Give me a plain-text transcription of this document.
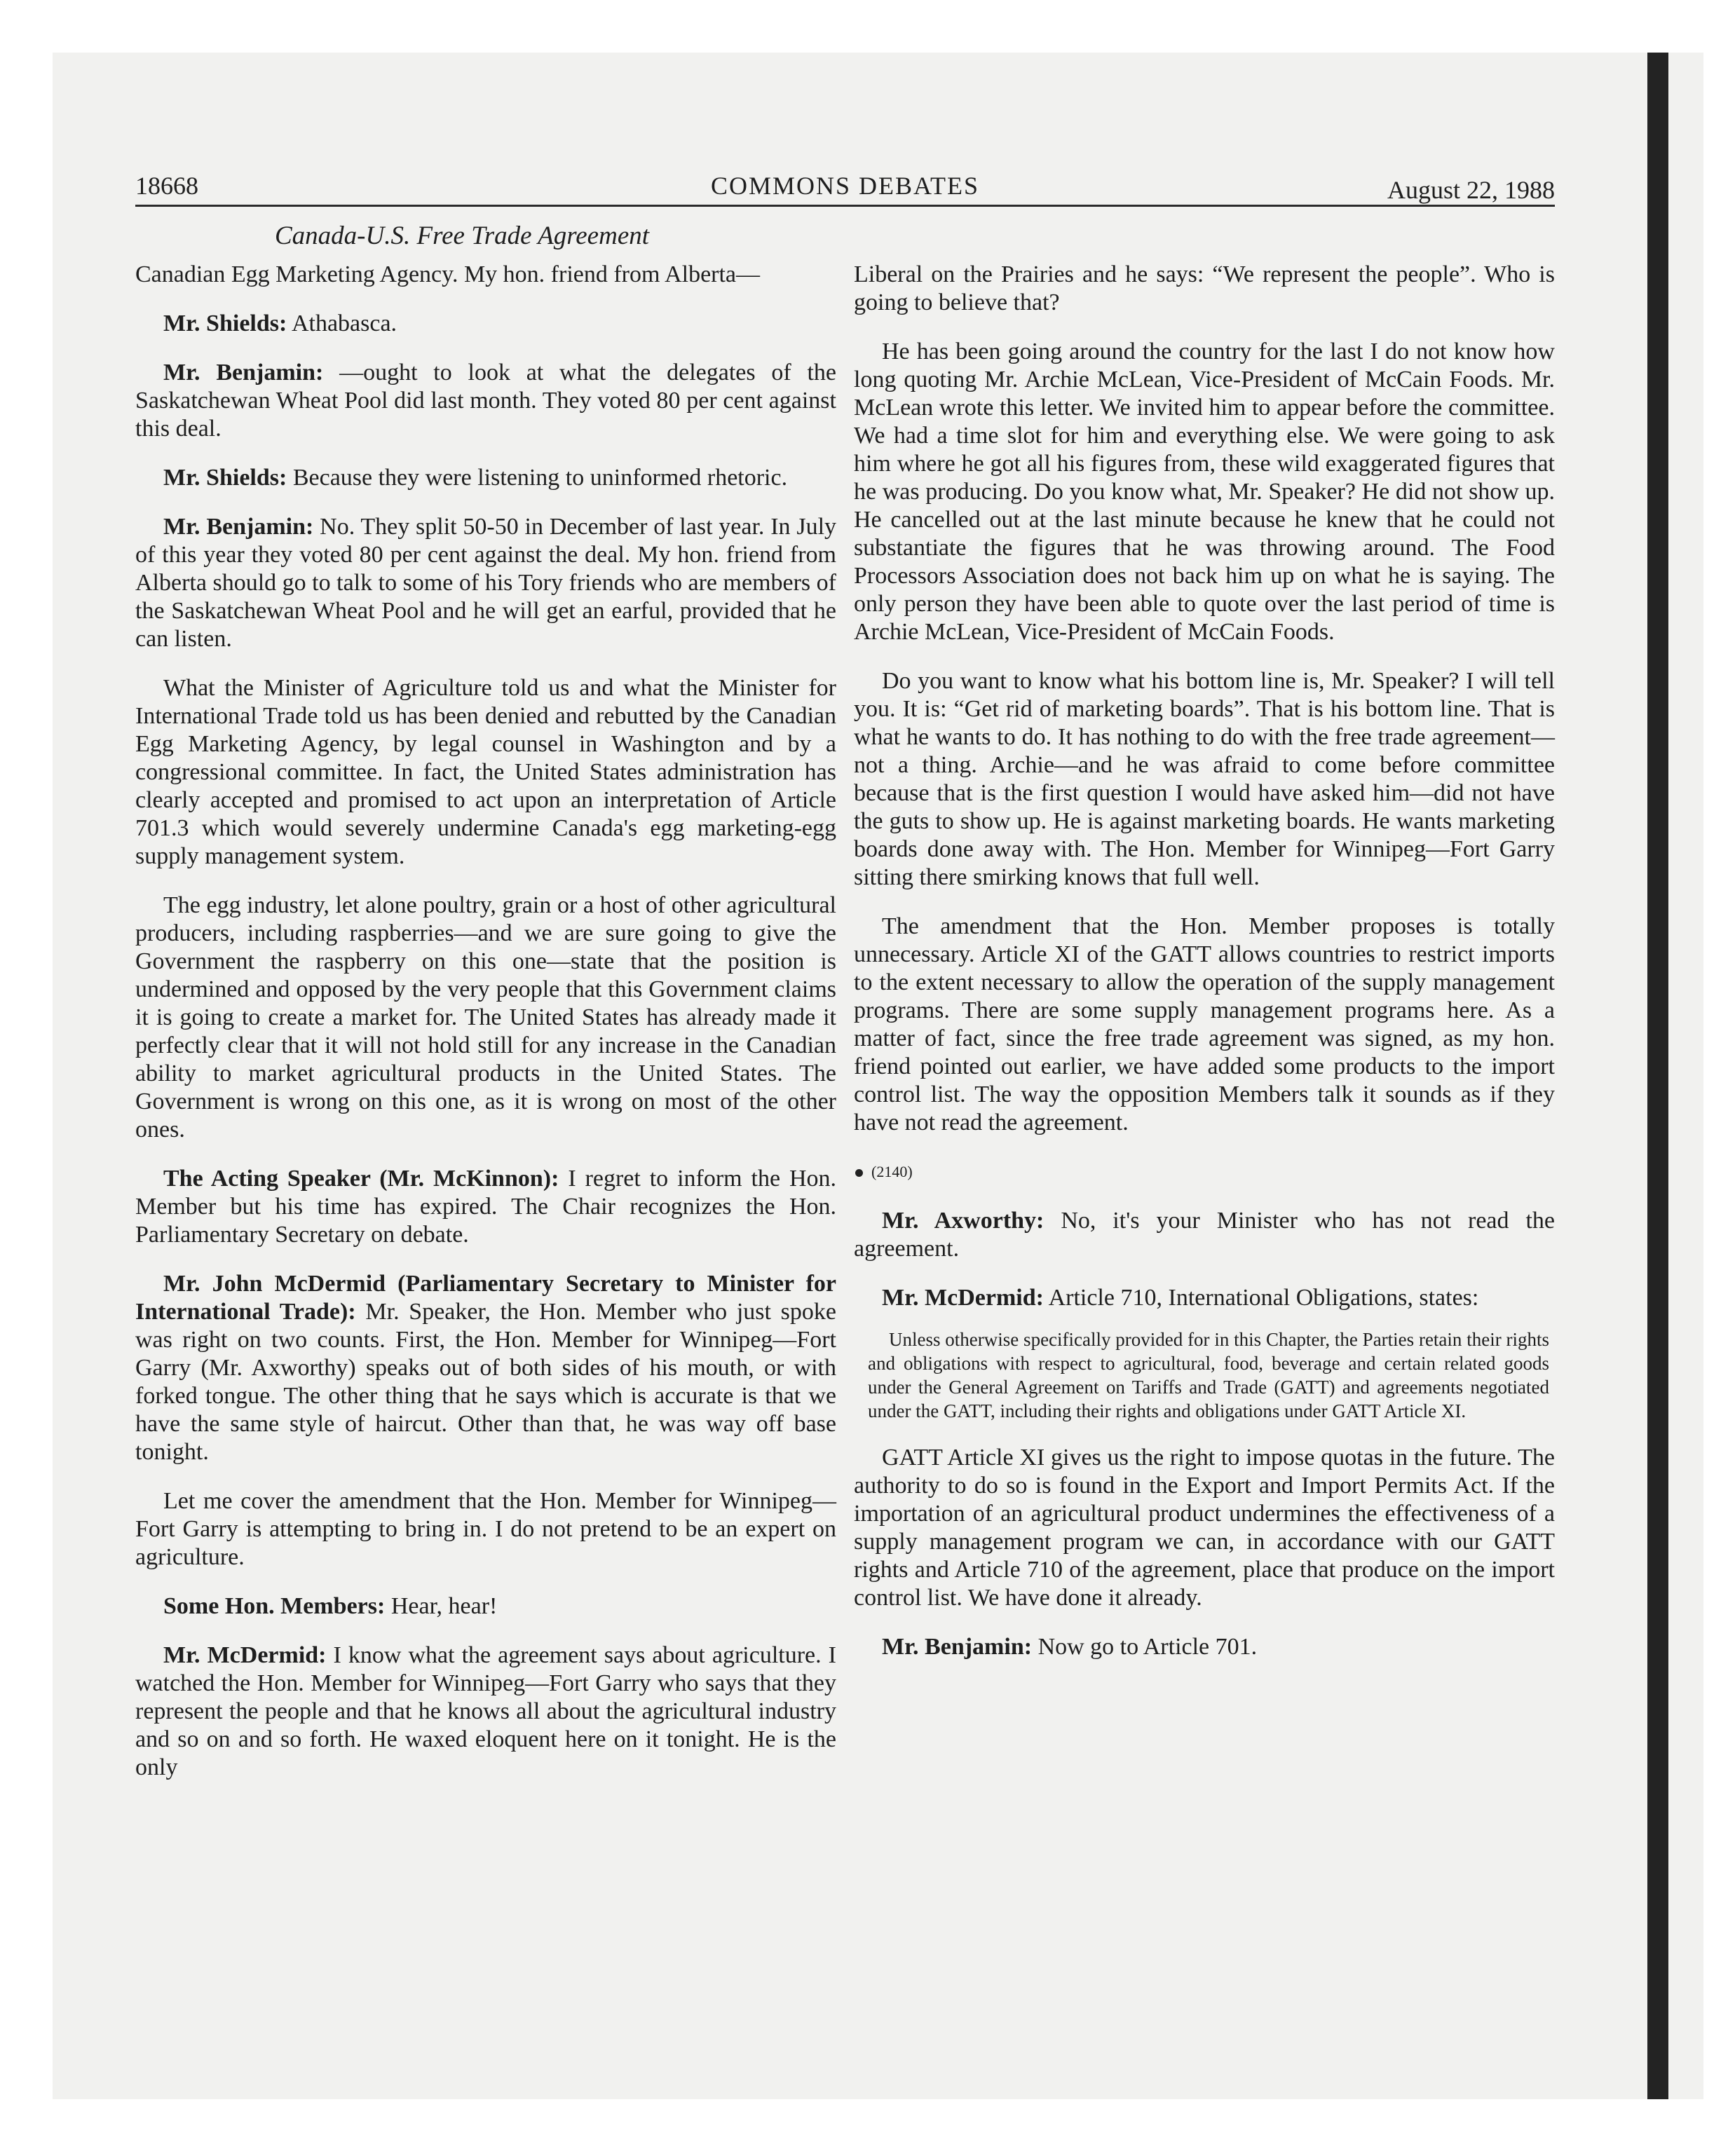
18668	COMMONS DEBATES	August 22, 1988
Canada-U.S. Free Trade Agreement

Canadian Egg Marketing Agency. My hon. friend from Alberta—

Mr. Shields: Athabasca.

Mr. Benjamin: —ought to look at what the delegates of the Saskatchewan Wheat Pool did last month. They voted 80 per cent against this deal.

Mr. Shields: Because they were listening to uninformed rhetoric.

Mr. Benjamin: No. They split 50-50 in December of last year. In July of this year they voted 80 per cent against the deal. My hon. friend from Alberta should go to talk to some of his Tory friends who are members of the Saskatchewan Wheat Pool and he will get an earful, provided that he can listen.

What the Minister of Agriculture told us and what the Minister for International Trade told us has been denied and rebutted by the Canadian Egg Marketing Agency, by legal counsel in Washington and by a congressional committee. In fact, the United States administration has clearly accepted and promised to act upon an interpretation of Article 701.3 which would severely undermine Canada's egg marketing-egg supply management system.

The egg industry, let alone poultry, grain or a host of other agricultural producers, including raspberries—and we are sure going to give the Government the raspberry on this one—state that the position is undermined and opposed by the very people that this Government claims it is going to create a market for. The United States has already made it perfectly clear that it will not hold still for any increase in the Canadian ability to market agricultural products in the United States. The Government is wrong on this one, as it is wrong on most of the other ones.

The Acting Speaker (Mr. McKinnon): I regret to inform the Hon. Member but his time has expired. The Chair recognizes the Hon. Parliamentary Secretary on debate.

Mr. John McDermid (Parliamentary Secretary to Minister for International Trade): Mr. Speaker, the Hon. Member who just spoke was right on two counts. First, the Hon. Member for Winnipeg—Fort Garry (Mr. Axworthy) speaks out of both sides of his mouth, or with forked tongue. The other thing that he says which is accurate is that we have the same style of haircut. Other than that, he was way off base tonight.

Let me cover the amendment that the Hon. Member for Winnipeg—Fort Garry is attempting to bring in. I do not pretend to be an expert on agriculture.

Some Hon. Members: Hear, hear!

Mr. McDermid: I know what the agreement says about agriculture. I watched the Hon. Member for Winnipeg—Fort Garry who says that they represent the people and that he knows all about the agricultural industry and so on and so forth. He waxed eloquent here on it tonight. He is the only

Liberal on the Prairies and he says: “We represent the people”. Who is going to believe that?

He has been going around the country for the last I do not know how long quoting Mr. Archie McLean, Vice-President of McCain Foods. Mr. McLean wrote this letter. We invited him to appear before the committee. We had a time slot for him and everything else. We were going to ask him where he got all his figures from, these wild exaggerated figures that he was producing. Do you know what, Mr. Speaker? He did not show up. He cancelled out at the last minute because he knew that he could not substantiate the figures that he was throwing around. The Food Processors Association does not back him up on what he is saying. The only person they have been able to quote over the last period of time is Archie McLean, Vice-President of McCain Foods.

Do you want to know what his bottom line is, Mr. Speaker? I will tell you. It is: “Get rid of marketing boards”. That is his bottom line. That is what he wants to do. It has nothing to do with the free trade agreement—not a thing. Archie—and he was afraid to come before committee because that is the first question I would have asked him—did not have the guts to show up. He is against marketing boards. He wants marketing boards done away with. The Hon. Member for Winnipeg—Fort Garry sitting there smirking knows that full well.

The amendment that the Hon. Member proposes is totally unnecessary. Article XI of the GATT allows countries to restrict imports to the extent necessary to allow the operation of the supply management programs. There are some supply management programs here. As a matter of fact, since the free trade agreement was signed, as my hon. friend pointed out earlier, we have added some products to the import control list. The way the opposition Members talk it sounds as if they have not read the agreement.

(2140)

Mr. Axworthy: No, it's your Minister who has not read the agreement.

Mr. McDermid: Article 710, International Obligations, states:

Unless otherwise specifically provided for in this Chapter, the Parties retain their rights and obligations with respect to agricultural, food, beverage and certain related goods under the General Agreement on Tariffs and Trade (GATT) and agreements negotiated under the GATT, including their rights and obligations under GATT Article XI.

GATT Article XI gives us the right to impose quotas in the future. The authority to do so is found in the Export and Import Permits Act. If the importation of an agricultural product undermines the effectiveness of a supply management program we can, in accordance with our GATT rights and Article 710 of the agreement, place that produce on the import control list. We have done it already.

Mr. Benjamin: Now go to Article 701.
